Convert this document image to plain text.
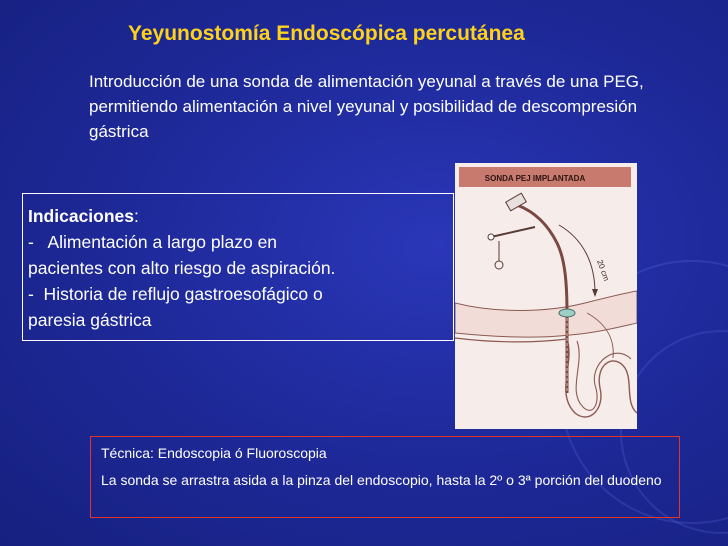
Yeyunostomía Endoscópica percutánea
Introducción de una sonda de alimentación yeyunal a través de una PEG, permitiendo alimentación a nivel yeyunal y posibilidad de descompresión gástrica
Indicaciones:
-   Alimentación a largo plazo en
pacientes con alto riesgo de aspiración.
-  Historia de reflujo gastroesofágico o
paresia gástrica
SONDA PEJ IMPLANTADA
20 cm
Técnica: Endoscopia ó Fluoroscopia
La sonda se arrastra asida a la pinza del endoscopio, hasta la 2º o 3ª porción del duodeno
